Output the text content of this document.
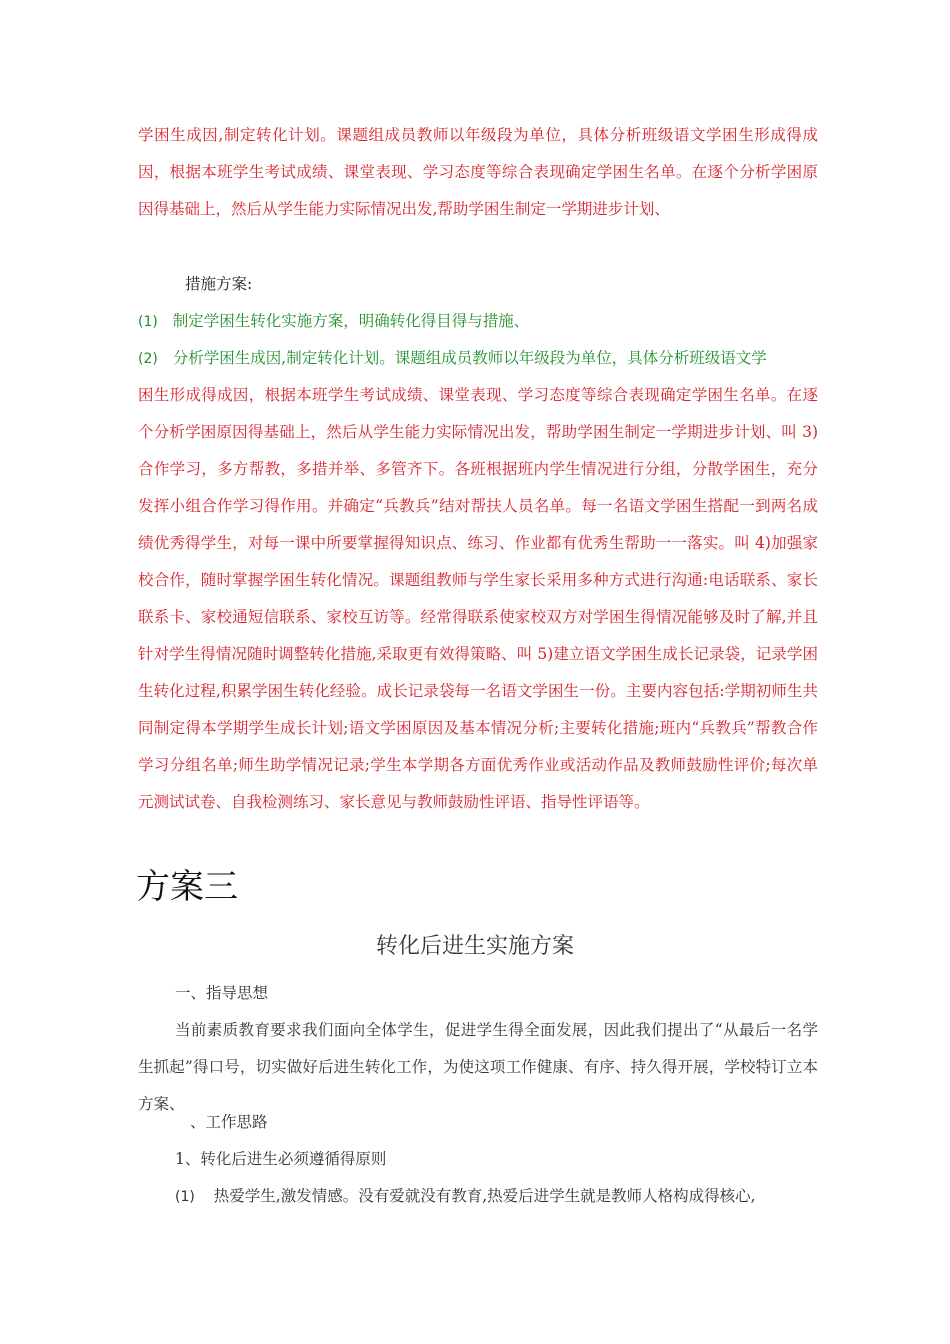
学困生成因,制定转化计划。课题组成员教师以年级段为单位，具体分析班级语文学困生形成得成因，根据本班学生考试成绩、课堂表现、学习态度等综合表现确定学困生名单。在逐个分析学困原因得基础上，然后从学生能力实际情况出发,帮助学困生制定一学期进步计划、

措施方案:

(1) 制定学困生转化实施方案，明确转化得目得与措施、

(2) 分析学困生成因,制定转化计划。课题组成员教师以年级段为单位，具体分析班级语文学

困生形成得成因，根据本班学生考试成绩、课堂表现、学习态度等综合表现确定学困生名单。在逐个分析学困原因得基础上，然后从学生能力实际情况出发，帮助学困生制定一学期进步计划、叫 3)合作学习，多方帮教，多措并举、多管齐下。各班根据班内学生情况进行分组，分散学困生，充分发挥小组合作学习得作用。并确定“兵教兵”结对帮扶人员名单。每一名语文学困生搭配一到两名成绩优秀得学生，对每一课中所要掌握得知识点、练习、作业都有优秀生帮助一一落实。叫 4)加强家校合作，随时掌握学困生转化情况。课题组教师与学生家长采用多种方式进行沟通:电话联系、家长联系卡、家校通短信联系、家校互访等。经常得联系使家校双方对学困生得情况能够及时了解,并且针对学生得情况随时调整转化措施,采取更有效得策略、叫 5)建立语文学困生成长记录袋，记录学困生转化过程,积累学困生转化经验。成长记录袋每一名语文学困生一份。主要内容包括:学期初师生共同制定得本学期学生成长计划;语文学困原因及基本情况分析;主要转化措施;班内“兵教兵”帮教合作学习分组名单;师生助学情况记录;学生本学期各方面优秀作业或活动作品及教师鼓励性评价;每次单元测试试卷、自我检测练习、家长意见与教师鼓励性评语、指导性评语等。

方案三
转化后进生实施方案

一、指导思想

当前素质教育要求我们面向全体学生，促进学生得全面发展，因此我们提出了“从最后一名学生抓起”得口号，切实做好后进生转化工作，为使这项工作健康、有序、持久得开展，学校特订立本方案、

、工作思路

1、转化后进生必须遵循得原则

(1) 热爱学生,激发情感。没有爱就没有教育,热爱后进学生就是教师人格构成得核心,
